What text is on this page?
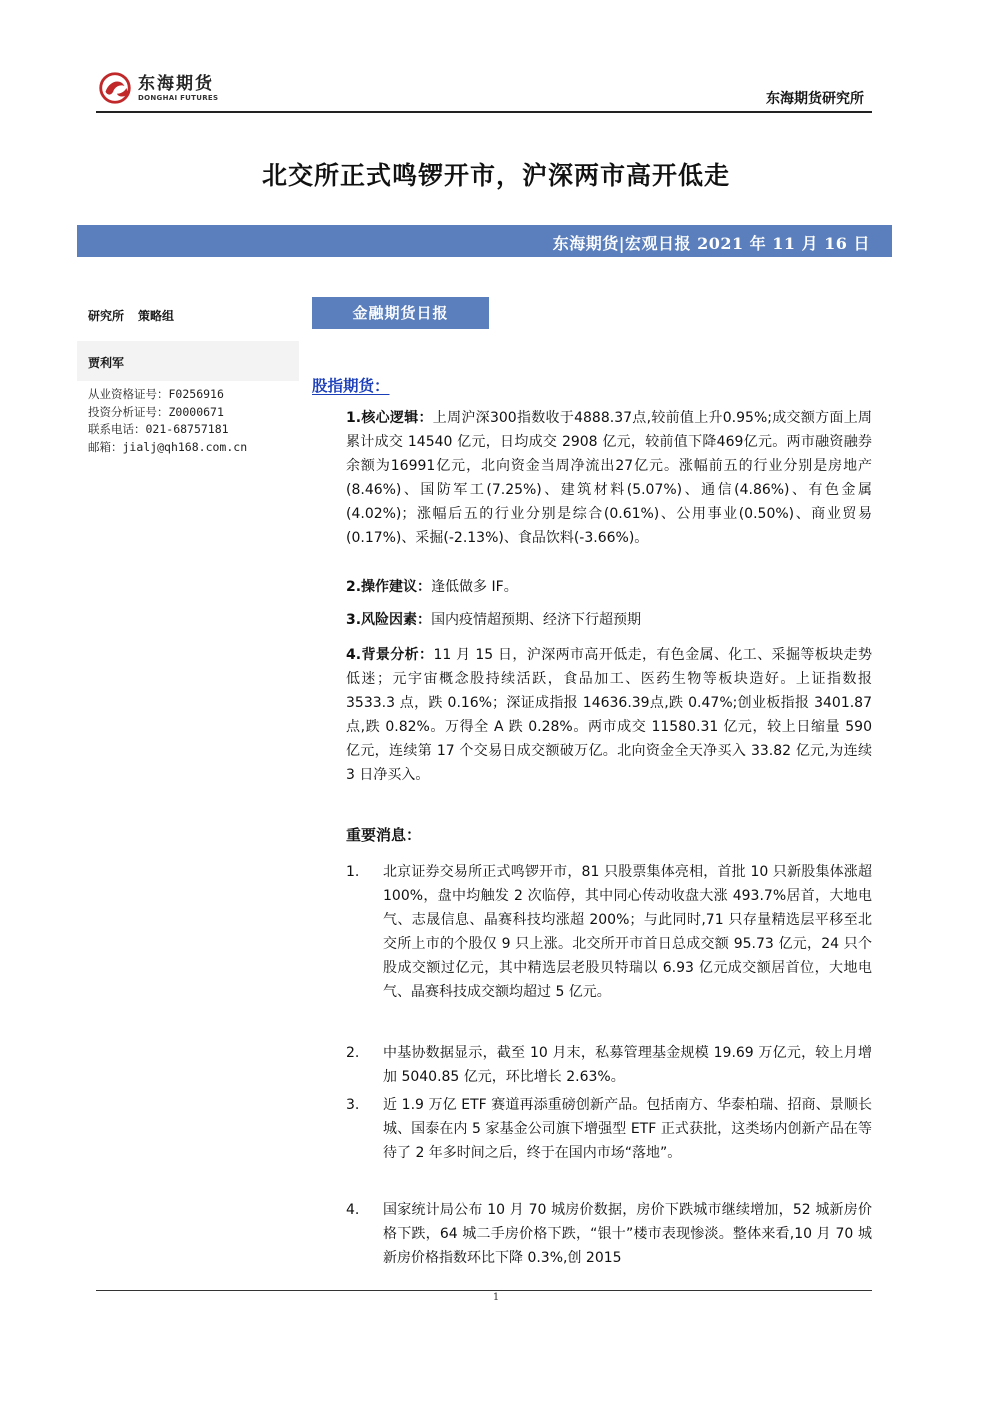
东海期货
DONGHAI FUTURES	东海期货研究所
北交所正式鸣锣开市，沪深两市高开低走
东海期货|宏观日报 2021 年 11 月 16 日
研究所 策略组
贾利军
从业资格证号：F0256916
投资分析证号：Z0000671
联系电话：021-68757181
邮箱：jialj@qh168.com.cn
金融期货日报
股指期货：
1.核心逻辑：上周沪深300指数收于4888.37点,较前值上升0.95%;成交额方面上周累计成交 14540 亿元，日均成交 2908 亿元，较前值下降469亿元。两市融资融券余额为16991亿元，北向资金当周净流出27亿元。涨幅前五的行业分别是房地产(8.46%)、国防军工(7.25%)、建筑材料(5.07%)、通信(4.86%)、有色金属(4.02%)；涨幅后五的行业分别是综合(0.61%)、公用事业(0.50%)、商业贸易(0.17%)、采掘(-2.13%)、食品饮料(-3.66%)。
2.操作建议：逢低做多 IF。
3.风险因素：国内疫情超预期、经济下行超预期
4.背景分析：11 月 15 日，沪深两市高开低走，有色金属、化工、采掘等板块走势低迷；元宇宙概念股持续活跃，食品加工、医药生物等板块造好。上证指数报 3533.3 点，跌 0.16%；深证成指报 14636.39点,跌 0.47%;创业板指报 3401.87 点,跌 0.82%。万得全 A 跌 0.28%。两市成交 11580.31 亿元，较上日缩量 590 亿元，连续第 17 个交易日成交额破万亿。北向资金全天净买入 33.82 亿元,为连续 3 日净买入。
重要消息：
1. 北京证券交易所正式鸣锣开市，81 只股票集体亮相，首批 10 只新股集体涨超 100%，盘中均触发 2 次临停，其中同心传动收盘大涨 493.7%居首，大地电气、志晟信息、晶赛科技均涨超 200%；与此同时,71 只存量精选层平移至北交所上市的个股仅 9 只上涨。北交所开市首日总成交额 95.73 亿元，24 只个股成交额过亿元，其中精选层老股贝特瑞以 6.93 亿元成交额居首位，大地电气、晶赛科技成交额均超过 5 亿元。
2. 中基协数据显示，截至 10 月末，私募管理基金规模 19.69 万亿元，较上月增加 5040.85 亿元，环比增长 2.63%。
3. 近 1.9 万亿 ETF 赛道再添重磅创新产品。包括南方、华泰柏瑞、招商、景顺长城、国泰在内 5 家基金公司旗下增强型 ETF 正式获批，这类场内创新产品在等待了 2 年多时间之后，终于在国内市场“落地”。
4. 国家统计局公布 10 月 70 城房价数据，房价下跌城市继续增加，52 城新房价格下跌，64 城二手房价格下跌，“银十”楼市表现惨淡。整体来看,10 月 70 城新房价格指数环比下降 0.3%,创 2015
1
